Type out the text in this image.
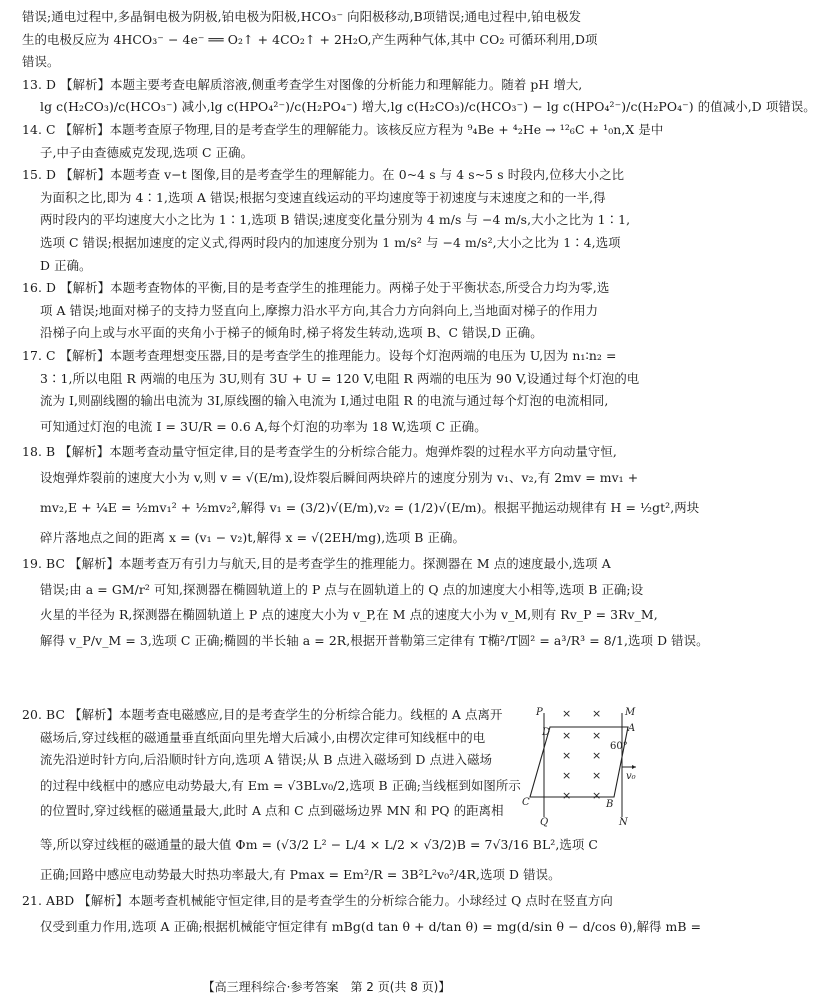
错误;通电过程中,多晶铜电极为阴极,铂电极为阳极,HCO₃⁻ 向阳极移动,B项错误;通电过程中,铂电极发
生的电极反应为 4HCO₃⁻ − 4e⁻ ══ O₂↑ + 4CO₂↑ + 2H₂O,产生两种气体,其中 CO₂ 可循环利用,D项
错误。
13. D 【解析】本题主要考查电解质溶液,侧重考查学生对图像的分析能力和理解能力。随着 pH 增大,
lg c(H₂CO₃)/c(HCO₃⁻) 减小,lg c(HPO₄²⁻)/c(H₂PO₄⁻) 增大,lg c(H₂CO₃)/c(HCO₃⁻) − lg c(HPO₄²⁻)/c(H₂PO₄⁻) 的值减小,D 项错误。
14. C 【解析】本题考查原子物理,目的是考查学生的理解能力。该核反应方程为 ⁹₄Be + ⁴₂He → ¹²₆C + ¹₀n,X 是中
子,中子由查德威克发现,选项 C 正确。
15. D 【解析】本题考查 v−t 图像,目的是考查学生的理解能力。在 0~4 s 与 4 s~5 s 时段内,位移大小之比
为面积之比,即为 4∶1,选项 A 错误;根据匀变速直线运动的平均速度等于初速度与末速度之和的一半,得
两时段内的平均速度大小之比为 1∶1,选项 B 错误;速度变化量分别为 4 m/s 与 −4 m/s,大小之比为 1∶1,
选项 C 错误;根据加速度的定义式,得两时段内的加速度分别为 1 m/s² 与 −4 m/s²,大小之比为 1∶4,选项
D 正确。
16. D 【解析】本题考查物体的平衡,目的是考查学生的推理能力。两梯子处于平衡状态,所受合力均为零,选
项 A 错误;地面对梯子的支持力竖直向上,摩擦力沿水平方向,其合力方向斜向上,当地面对梯子的作用力
沿梯子向上或与水平面的夹角小于梯子的倾角时,梯子将发生转动,选项 B、C 错误,D 正确。
17. C 【解析】本题考查理想变压器,目的是考查学生的推理能力。设每个灯泡两端的电压为 U,因为 n₁∶n₂ =
3∶1,所以电阻 R 两端的电压为 3U,则有 3U + U = 120 V,电阻 R 两端的电压为 90 V,设通过每个灯泡的电
流为 I,则副线圈的输出电流为 3I,原线圈的输入电流为 I,通过电阻 R 的电流与通过每个灯泡的电流相同,
可知通过灯泡的电流 I = 3U/R = 0.6 A,每个灯泡的功率为 18 W,选项 C 正确。
18. B 【解析】本题考查动量守恒定律,目的是考查学生的分析综合能力。炮弹炸裂的过程水平方向动量守恒,
设炮弹炸裂前的速度大小为 v,则 v = √(E/m),设炸裂后瞬间两块碎片的速度分别为 v₁、v₂,有 2mv = mv₁ +
mv₂,E + ¼E = ½mv₁² + ½mv₂²,解得 v₁ = (3/2)√(E/m),v₂ = (1/2)√(E/m)。根据平抛运动规律有 H = ½gt²,两块
碎片落地点之间的距离 x = (v₁ − v₂)t,解得 x = √(2EH/mg),选项 B 正确。
19. BC 【解析】本题考查万有引力与航天,目的是考查学生的推理能力。探测器在 M 点的速度最小,选项 A
错误;由 a = GM/r² 可知,探测器在椭圆轨道上的 P 点与在圆轨道上的 Q 点的加速度大小相等,选项 B 正确;设
火星的半径为 R,探测器在椭圆轨道上 P 点的速度大小为 v_P,在 M 点的速度大小为 v_M,则有 Rv_P = 3Rv_M,
解得 v_P/v_M = 3,选项 C 正确;椭圆的半长轴 a = 2R,根据开普勒第三定律有 T椭²/T圆² = a³/R³ = 8/1,选项 D 错误。
20. BC 【解析】本题考查电磁感应,目的是考查学生的分析综合能力。线框的 A 点离开
磁场后,穿过线框的磁通量垂直纸面向里先增大后减小,由楞次定律可知线框中的电
流先沿逆时针方向,后沿顺时针方向,选项 A 错误;从 B 点进入磁场到 D 点进入磁场
的过程中线框中的感应电动势最大,有 Em = √3BLv₀/2,选项 B 正确;当线框到如图所示
的位置时,穿过线框的磁通量最大,此时 A 点和 C 点到磁场边界 MN 和 PQ 的距离相
等,所以穿过线框的磁通量的最大值 Φm = (√3/2 L² − L/4 × L/2 × √3/2)B = 7√3/16 BL²,选项 C
正确;回路中感应电动势最大时热功率最大,有 Pmax = Em²/R = 3B²L²v₀²/4R,选项 D 错误。
21. ABD 【解析】本题考查机械能守恒定律,目的是考查学生的分析综合能力。小球经过 Q 点时在竖直方向
仅受到重力作用,选项 A 正确;根据机械能守恒定律有 mBg(d tan θ + d/tan θ) = mg(d/sin θ − d/cos θ),解得 mB =
× ×
× ×
× ×
× ×
× ×
P	M
D	A
60°
v₀
C	B
Q	N
【高三理科综合·参考答案　第 2 页(共 8 页)】
